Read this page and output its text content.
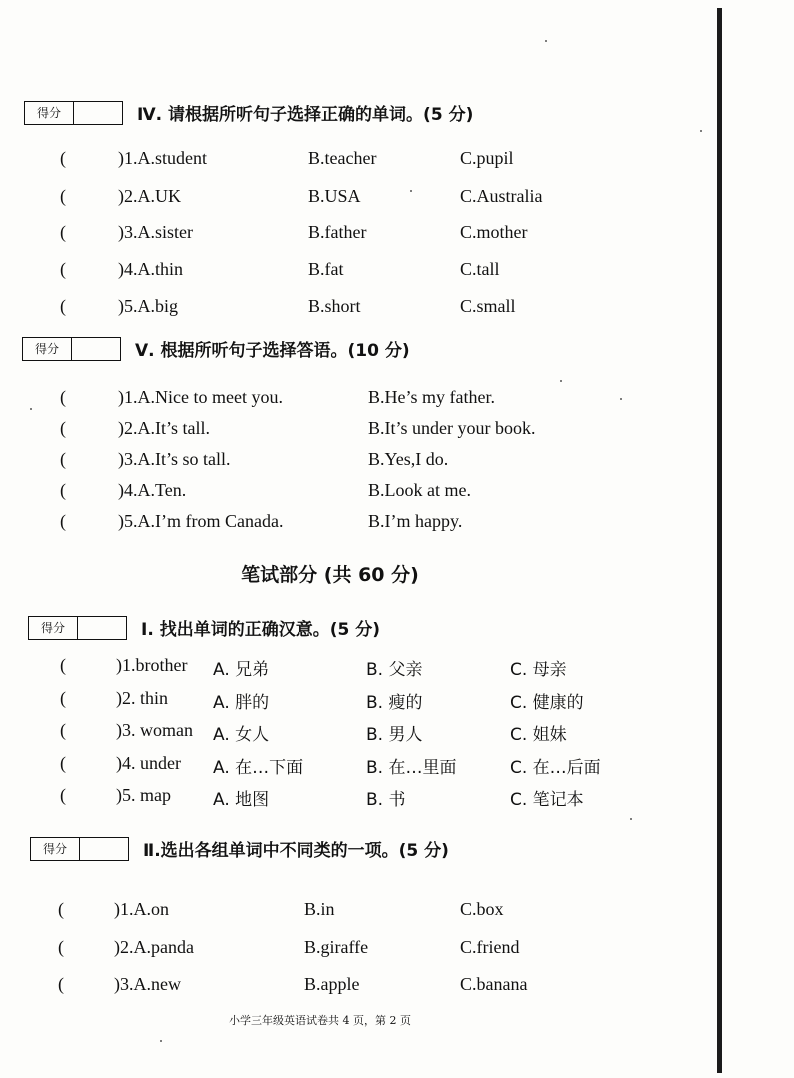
得分	Ⅳ. 请根据所听句子选择正确的单词。(5 分)
(	)1.A.student	B.teacher	C.pupil
(	)2.A.UK	B.USA	C.Australia
(	)3.A.sister	B.father	C.mother
(	)4.A.thin	B.fat	C.tall
(	)5.A.big	B.short	C.small
得分	Ⅴ. 根据所听句子选择答语。(10 分)
(	)1.A.Nice to meet you.	B.He’s my father.
(	)2.A.It’s tall.	B.It’s under your book.
(	)3.A.It’s so tall.	B.Yes,I do.
(	)4.A.Ten.	B.Look at me.
(	)5.A.I’m from Canada.	B.I’m happy.
笔试部分 (共 60 分)
得分	Ⅰ. 找出单词的正确汉意。(5 分)
(	)1.brother A. 兄弟	B. 父亲	C. 母亲
(	)2. thin	A. 胖的	B. 瘦的	C. 健康的
(	)3. woman A. 女人	B. 男人	C. 姐妹
(	)4. under A. 在…下面	B. 在…里面	C. 在…后面
(	)5. map A. 地图	B. 书	C. 笔记本
得分	Ⅱ.选出各组单词中不同类的一项。(5 分)
(	)1.A.on	B.in	C.box
(	)2.A.panda	B.giraffe	C.friend
(	)3.A.new	B.apple	C.banana
小学三年级英语试卷共 4 页，第 2 页
